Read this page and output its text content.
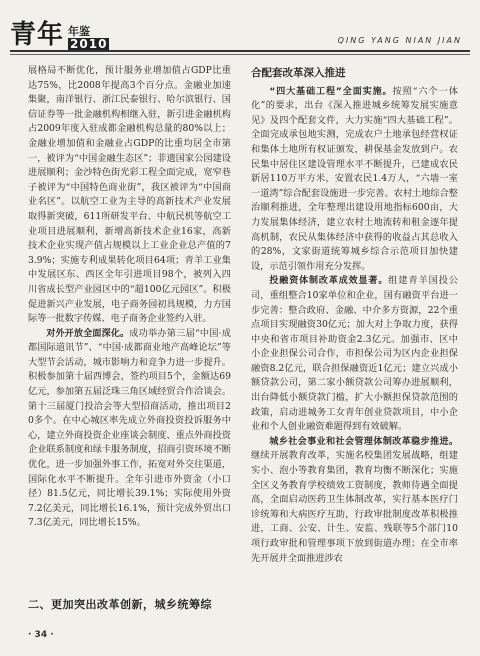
青年 年鉴
2010	QING YANG NIAN JIAN

展格局不断优化，预计服务业增加值占GDP比重达75%，比2008年提高3个百分点。金融业加速集聚，南洋银行、浙江民泰银行、哈尔滨银行、国信证券等一批金融机构相继入驻，新引进金融机构占2009年度入驻成都金融机构总量的80%以上；金融业增加值和金融业占GDP的比重均居全市第一，被评为“中国金融生态区”；非遗国家公园建设进展顺利；金沙特色街光彩工程全面完成，宽窄巷子被评为“中国特色商业街”，我区被评为“中国商业名区”。以航空工业为主导的高新技术产业发展取得新突破，611所研发平台、中航民机等航空工业项目进展顺利，新增高新技术企业16家，高新技术企业实现产值占规模以上工业企业总产值的73.9%；实施专利成果转化项目64项；青羊工业集中发展区东、西区全年引进项目98个，被列入四川省成长型产业园区中的“超100亿元园区”。积极促进新兴产业发展，电子商务园初具规模，力方国际等一批数字传媒、电子商务企业签约入驻。

对外开放全面深化。成功举办第三届“中国·成都国际道讯节”、“中国·成都商业地产高峰论坛”等大型节会活动，城市影响力和竞争力进一步提升。积极参加第十届西博会，签约项目5个，金额达69亿元，参加第五届泛珠三角区域经贸合作洽谈会。第十三届厦门投洽会等大型招商活动，推出项目20多个。在中心城区率先成立外商投资投诉服务中心，建立外商投资企业座谈会制度、重点外商投资企业联系制度和绿卡服务制度，招商引资环境不断优化，进一步加强外事工作，拓宽对外交往渠道，国际化水平不断提升。全年引进市外资金（小口径）81.5亿元，同比增长39.1%；实际使用外资7.2亿美元，同比增长16.1%，预计完成外贸出口7.3亿美元，同比增长15%。

二、更加突出改革创新，城乡统筹综

合配套改革深入推进

“四大基础工程”全面实施。按照“六个一体化”的要求，出台《深入推进城乡统筹发展实施意见》及四个配套文件，大力实施“四大基础工程”。全面完成承包地实测，完成农户土地承包经营权证和集体土地所有权证颁发，耕保基金发放到户。农民集中居住区建设管理水平不断提升，已建成农民新居110万平方米，安置农民1.4万人，“六墙一室一道湾”综合配套设施进一步完善。农村土地综合整治顺利推进，全年整理出建设用地指标600亩，大力发展集体经济，建立农村土地流转和租金逐年提高机制，农民从集体经济中获得的收益占其总收入的28%，文家街道统筹城乡综合示范项目加快建设，示范引领作用充分发挥。

投融资体制改革成效显著。组建青羊国投公司，重组整合10家单位和企业，国有融资平台进一步完善：整合政府、金融、中介多方资源，22个重点项目实现融资30亿元；加大对上争取力度，获得中央和省市项目补助资金2.3亿元。加强市、区中小企业担保公司合作，市担保公司为区内企业担保融资8.2亿元，联合担保融资近1亿元；建立兴成小额贷款公司，第二家小额贷款公司筹办进展顺利，出台降低小额贷款门槛，扩大小额担保贷款范围的政策，启动进城务工女青年创业贷款项目，中小企业和个人创业融资难题得到有效破解。

城乡社会事业和社会管理体制改革稳步推进。继续开展教育改革，实施名校集团发展战略，组建实小、泡小等教育集团，教育均衡不断深化；实施全区义务教育学校绩效工资制度，教师待遇全面提高，全面启动医药卫生体制改革，实行基本医疗门诊统筹和大病医疗互助，行政审批制度改革积极推进，工商、公安、计生、安监、残联等5个部门10项行政审批和管理事项下放到街道办理；在全市率先开展并全面推进涉农

· 34 ·
